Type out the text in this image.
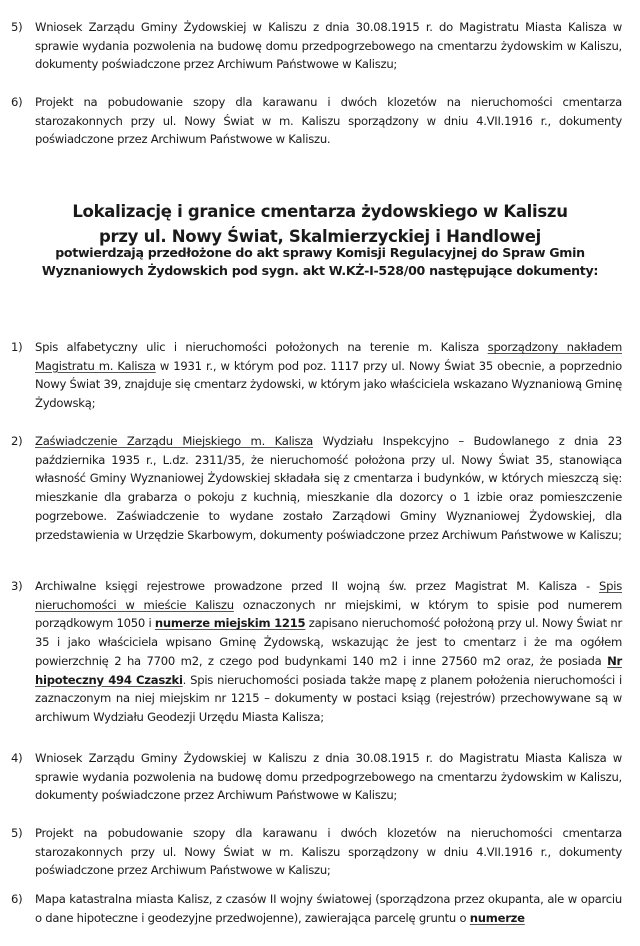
5) Wniosek Zarządu Gminy Żydowskiej w Kaliszu z dnia 30.08.1915 r. do Magistratu Miasta Kalisza w sprawie wydania pozwolenia na budowę domu przedpogrzebowego na cmentarzu żydowskim w Kaliszu, dokumenty poświadczone przez Archiwum Państwowe w Kaliszu;
6) Projekt na pobudowanie szopy dla karawanu i dwóch klozetów na nieruchomości cmentarza starozakonnych przy ul. Nowy Świat w m. Kaliszu sporządzony w dniu 4.VII.1916 r., dokumenty poświadczone przez Archiwum Państwowe w Kaliszu.
Lokalizację i granice cmentarza żydowskiego w Kaliszu
przy ul. Nowy Świat, Skalmierzyckiej i Handlowej
potwierdzają przedłożone do akt sprawy Komisji Regulacyjnej do Spraw Gmin
Wyznaniowych Żydowskich pod sygn. akt W.KŻ-I-528/00 następujące dokumenty:
1) Spis alfabetyczny ulic i nieruchomości położonych na terenie m. Kalisza sporządzony nakładem Magistratu m. Kalisza w 1931 r., w którym pod poz. 1117 przy ul. Nowy Świat 35 obecnie, a poprzednio Nowy Świat 39, znajduje się cmentarz żydowski, w którym jako właściciela wskazano Wyznaniową Gminę Żydowską;
2) Zaświadczenie Zarządu Miejskiego m. Kalisza Wydziału Inspekcyjno – Budowlanego z dnia 23 października 1935 r., L.dz. 2311/35, że nieruchomość położona przy ul. Nowy Świat 35, stanowiąca własność Gminy Wyznaniowej Żydowskiej składała się z cmentarza i budynków, w których mieszczą się: mieszkanie dla grabarza o pokoju z kuchnią, mieszkanie dla dozorcy o 1 izbie oraz pomieszczenie pogrzebowe. Zaświadczenie to wydane zostało Zarządowi Gminy Wyznaniowej Żydowskiej, dla przedstawienia w Urzędzie Skarbowym, dokumenty poświadczone przez Archiwum Państwowe w Kaliszu;
3) Archiwalne księgi rejestrowe prowadzone przed II wojną św. przez Magistrat M. Kalisza - Spis nieruchomości w mieście Kaliszu oznaczonych nr miejskimi, w którym to spisie pod numerem porządkowym 1050 i numerze miejskim 1215 zapisano nieruchomość położoną przy ul. Nowy Świat nr 35 i jako właściciela wpisano Gminę Żydowską, wskazując że jest to cmentarz i że ma ogółem powierzchnię 2 ha 7700 m2, z czego pod budynkami 140 m2 i inne 27560 m2 oraz, że posiada Nr hipoteczny 494 Czaszki. Spis nieruchomości posiada także mapę z planem położenia nieruchomości i zaznaczonym na niej miejskim nr 1215 – dokumenty w postaci ksiąg (rejestrów) przechowywane są w archiwum Wydziału Geodezji Urzędu Miasta Kalisza;
4) Wniosek Zarządu Gminy Żydowskiej w Kaliszu z dnia 30.08.1915 r. do Magistratu Miasta Kalisza w sprawie wydania pozwolenia na budowę domu przedpogrzebowego na cmentarzu żydowskim w Kaliszu, dokumenty poświadczone przez Archiwum Państwowe w Kaliszu;
5) Projekt na pobudowanie szopy dla karawanu i dwóch klozetów na nieruchomości cmentarza starozakonnych przy ul. Nowy Świat w m. Kaliszu sporządzony w dniu 4.VII.1916 r., dokumenty poświadczone przez Archiwum Państwowe w Kaliszu;
6) Mapa katastralna miasta Kalisz, z czasów II wojny światowej (sporządzona przez okupanta, ale w oparciu o dane hipoteczne i geodezyjne przedwojenne), zawierająca parcelę gruntu o numerze
